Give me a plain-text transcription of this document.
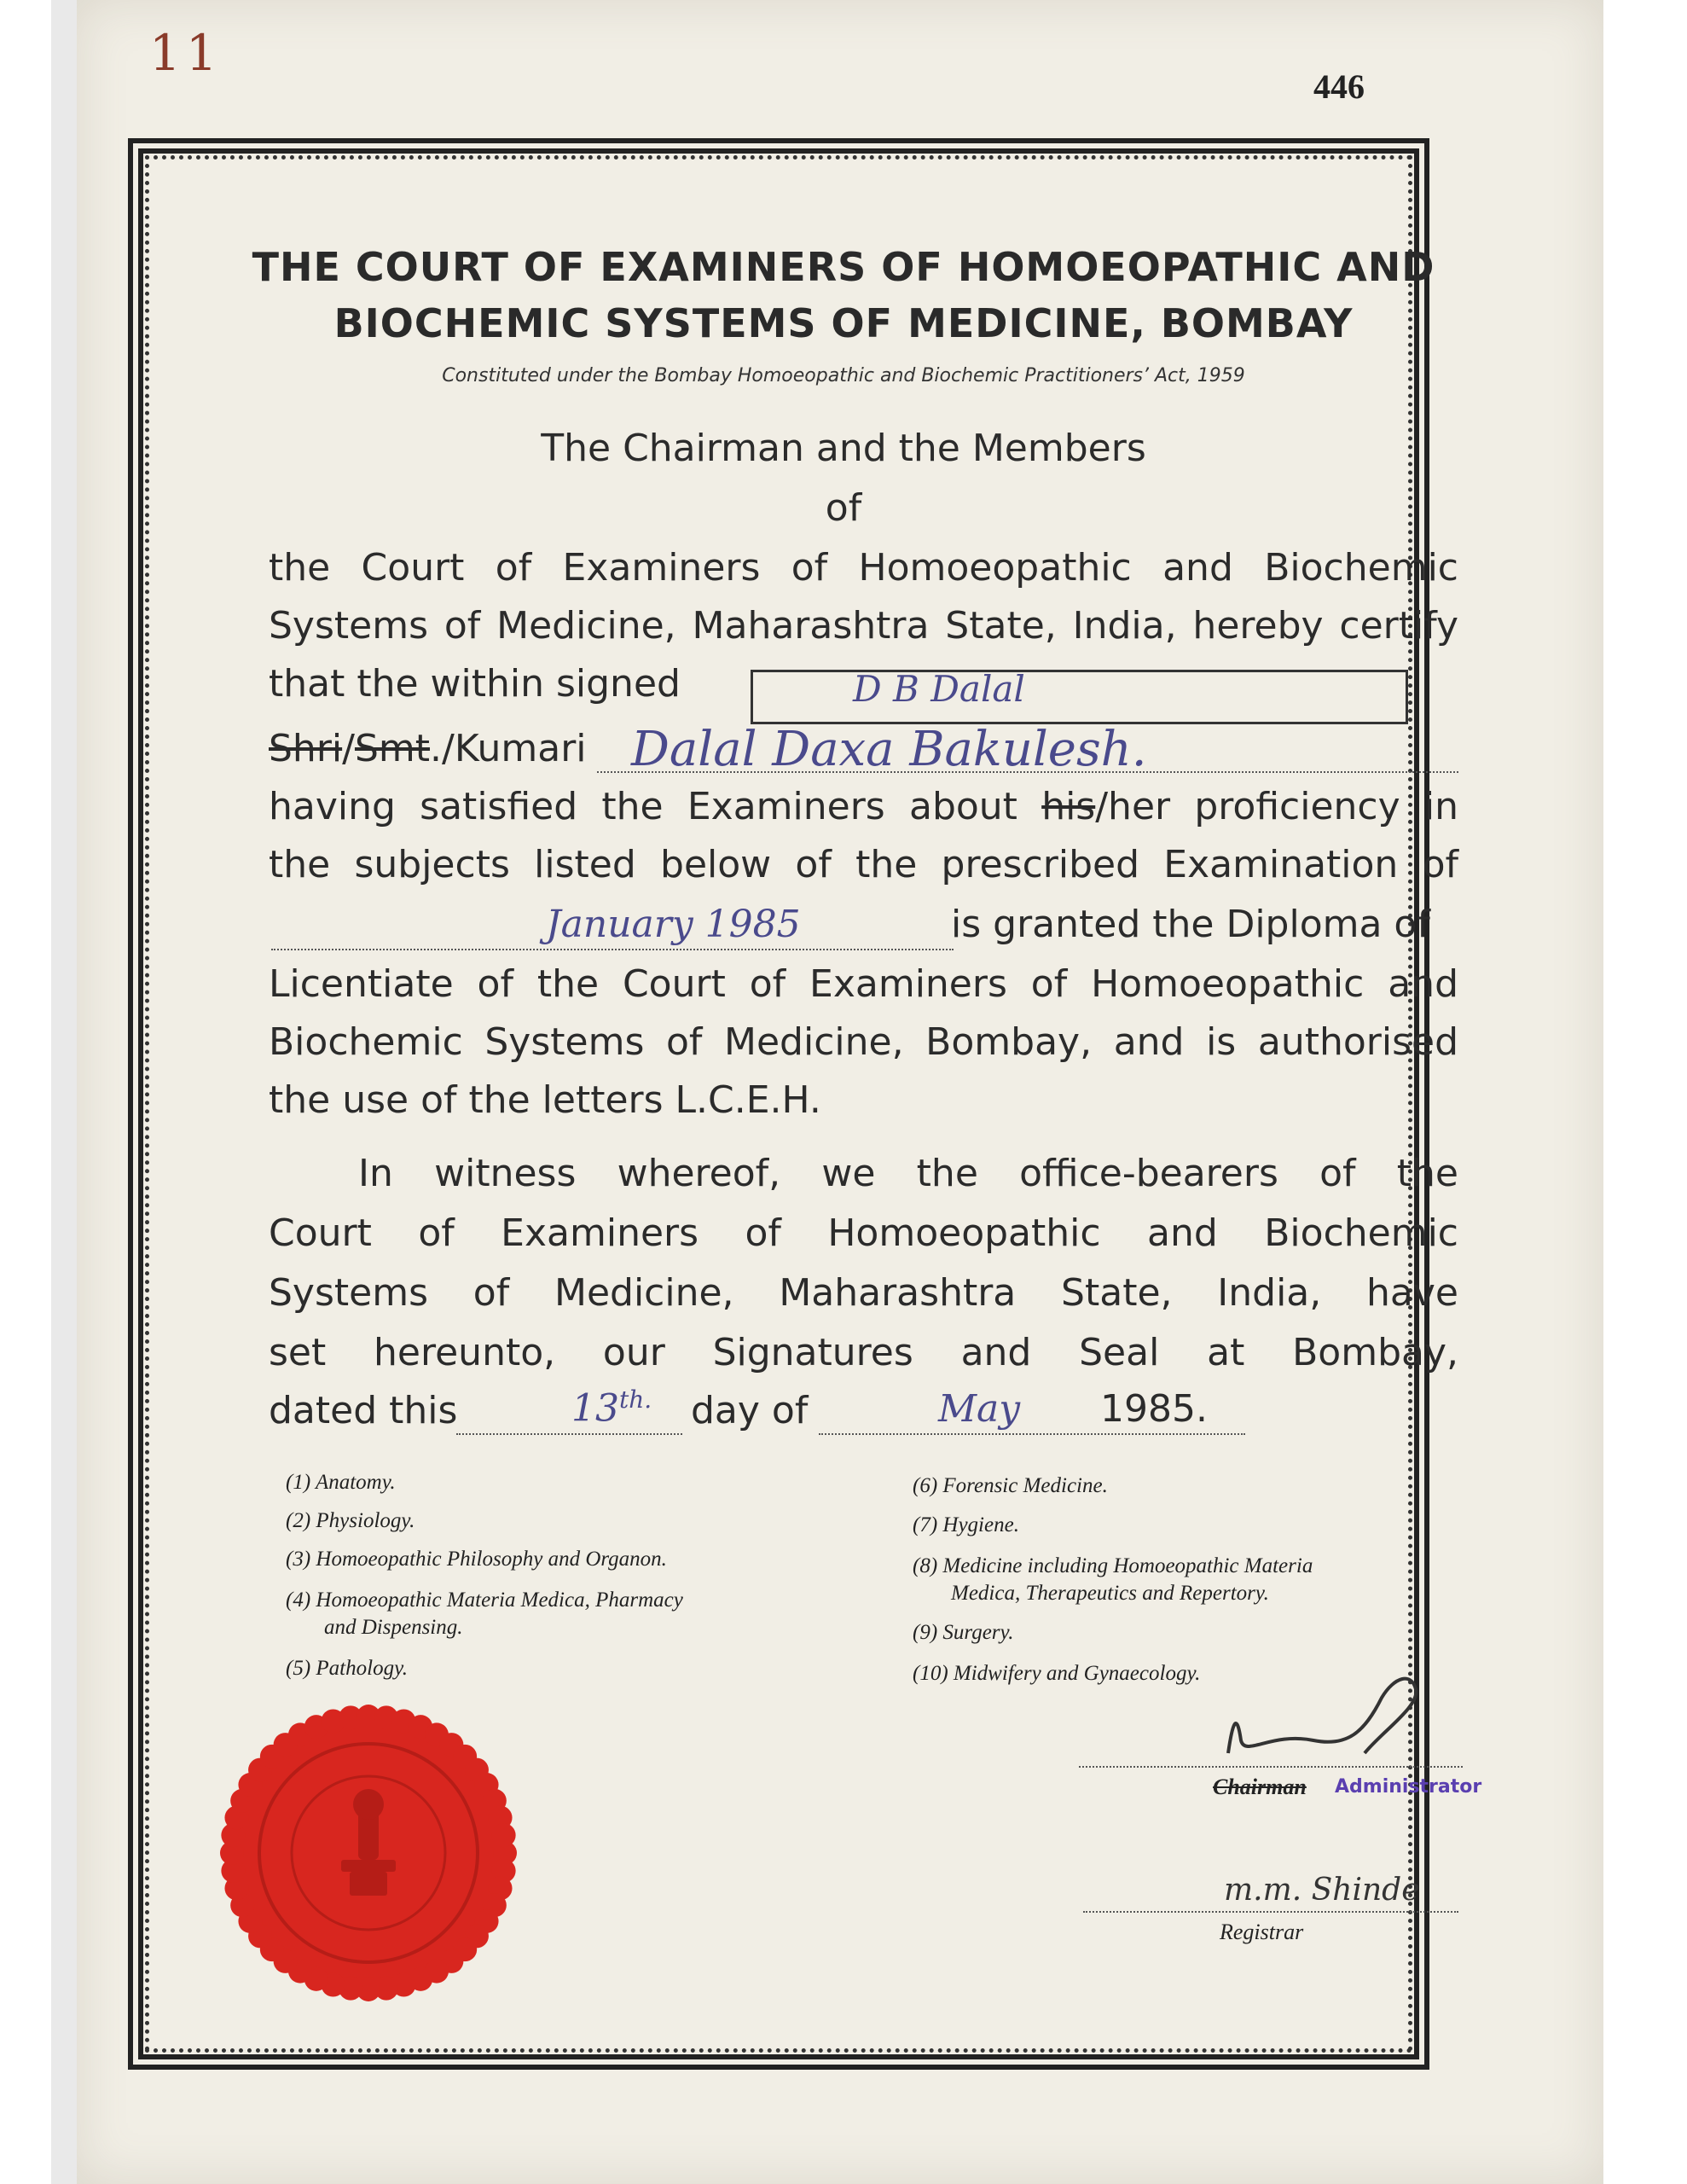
11
446
THE COURT OF EXAMINERS OF HOMOEOPATHIC AND
BIOCHEMIC SYSTEMS OF MEDICINE, BOMBAY
Constituted under the Bombay Homoeopathic and Biochemic Practitioners’ Act, 1959
The Chairman and the Members
of
the Court of Examiners of Homoeopathic and Biochemic
Systems of Medicine, Maharashtra State, India, hereby certify
that the within signed	D B Dalal
Shri/Smt./Kumari Dalal Daxa Bakulesh.
having satisfied the Examiners about his/her proficiency in
the subjects listed below of the prescribed Examination of
January 1985	is granted the Diploma of
Licentiate of the Court of Examiners of Homoeopathic and
Biochemic Systems of Medicine, Bombay, and is authorised
the use of the letters L.C.E.H.
In witness whereof, we the office-bearers of the
Court of Examiners of Homoeopathic and Biochemic
Systems of Medicine, Maharashtra State, India, have
set hereunto, our Signatures and Seal at Bombay,
dated this	$13^{th.}$ day of	May 1985.
(1) Anatomy.
(2) Physiology.
(3) Homoeopathic Philosophy and Organon.
(4) Homoeopathic Materia Medica, Pharmacy
and Dispensing.
(5) Pathology.
(6) Forensic Medicine.
(7) Hygiene.
(8) Medicine including Homoeopathic Materia
Medica, Therapeutics and Repertory.
(9) Surgery.
(10) Midwifery and Gynaecology.
Chairman Administrator
m.m. Shinde
Registrar
